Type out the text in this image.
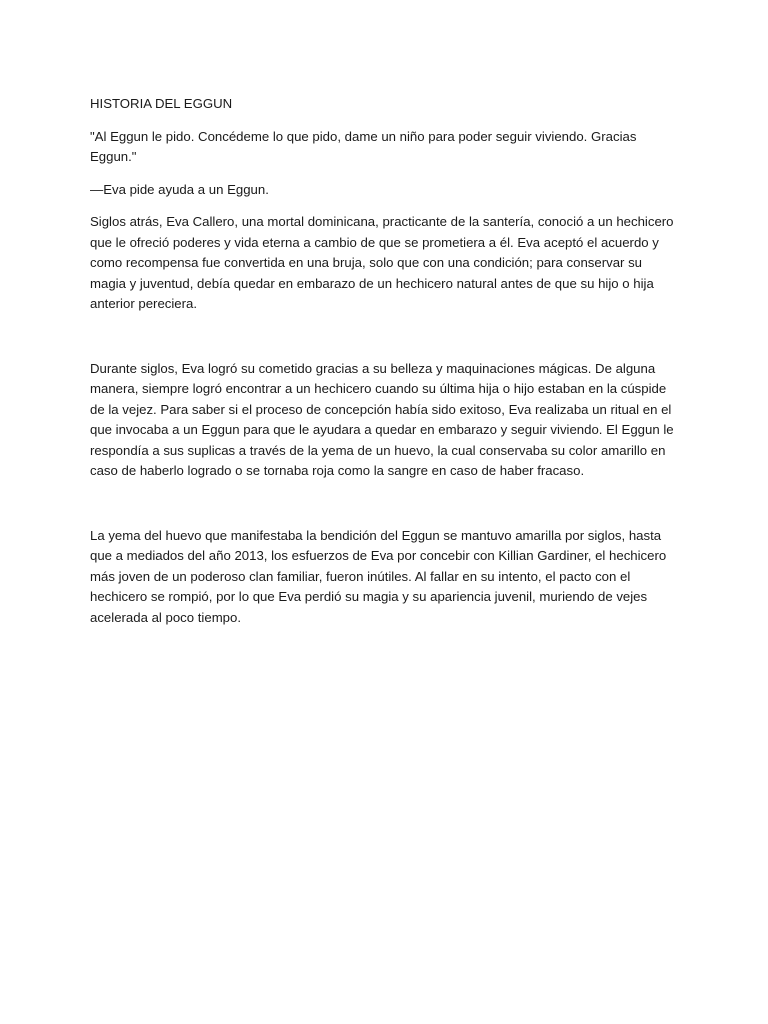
HISTORIA DEL EGGUN

"Al Eggun le pido. Concédeme lo que pido, dame un niño para poder seguir viviendo. Gracias Eggun."

—Eva pide ayuda a un Eggun.

Siglos atrás, Eva Callero, una mortal dominicana, practicante de la santería, conoció a un hechicero que le ofreció poderes y vida eterna a cambio de que se prometiera a él. Eva aceptó el acuerdo y como recompensa fue convertida en una bruja, solo que con una condición; para conservar su magia y juventud, debía quedar en embarazo de un hechicero natural antes de que su hijo o hija anterior pereciera.

Durante siglos, Eva logró su cometido gracias a su belleza y maquinaciones mágicas. De alguna manera, siempre logró encontrar a un hechicero cuando su última hija o hijo estaban en la cúspide de la vejez. Para saber si el proceso de concepción había sido exitoso, Eva realizaba un ritual en el que invocaba a un Eggun para que le ayudara a quedar en embarazo y seguir viviendo. El Eggun le respondía a sus suplicas a través de la yema de un huevo, la cual conservaba su color amarillo en caso de haberlo logrado o se tornaba roja como la sangre en caso de haber fracaso.

La yema del huevo que manifestaba la bendición del Eggun se mantuvo amarilla por siglos, hasta que a mediados del año 2013, los esfuerzos de Eva por concebir con Killian Gardiner, el hechicero más joven de un poderoso clan familiar, fueron inútiles. Al fallar en su intento, el pacto con el hechicero se rompió, por lo que Eva perdió su magia y su apariencia juvenil, muriendo de vejes acelerada al poco tiempo.
